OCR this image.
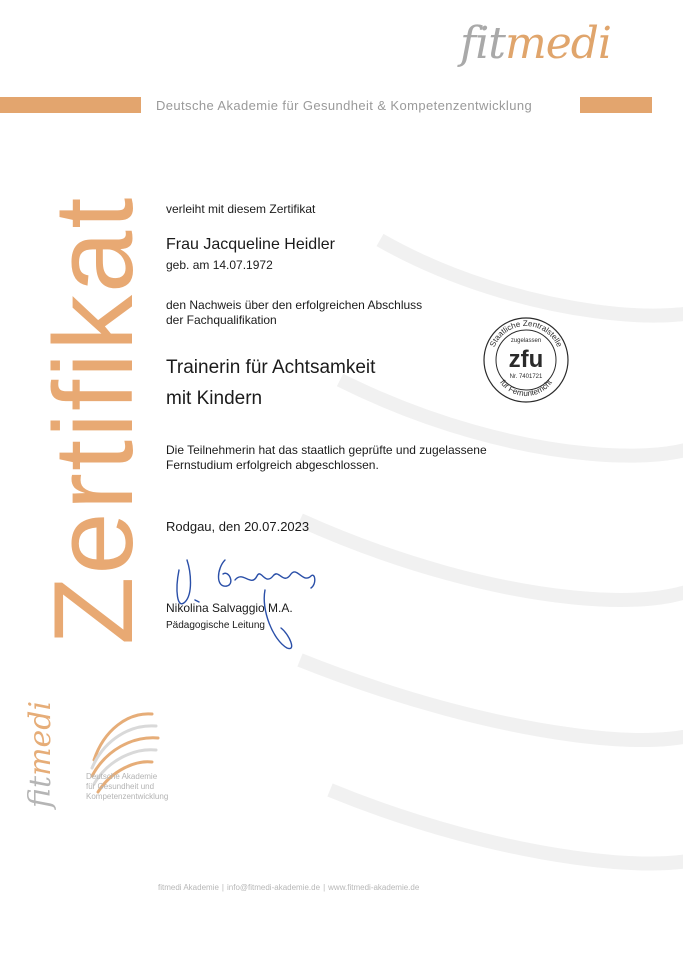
fitmedi
Deutsche Akademie für Gesundheit & Kompetenzentwicklung
Zertifikat verleiht mit diesem Zertifikat
Frau Jacqueline Heidler
geb. am 14.07.1972
den Nachweis über den erfolgreichen Abschluss
der Fachqualifikation
Trainerin für Achtsamkeit
mit Kindern
Die Teilnehmerin hat das staatlich geprüfte und zugelassene
Fernstudium erfolgreich abgeschlossen.
Rodgau, den 20.07.2023
Nikolina Salvaggio M.A.
Pädagogische Leitung
Staatliche Zentralstelle
für Fernunterricht
zugelassen
zfu
Nr. 7401721
fitmedi
Deutsche Akademie
für Gesundheit und
Kompetenzentwicklung
fitmedi Akademie | info@fitmedi-akademie.de | www.fitmedi-akademie.de
